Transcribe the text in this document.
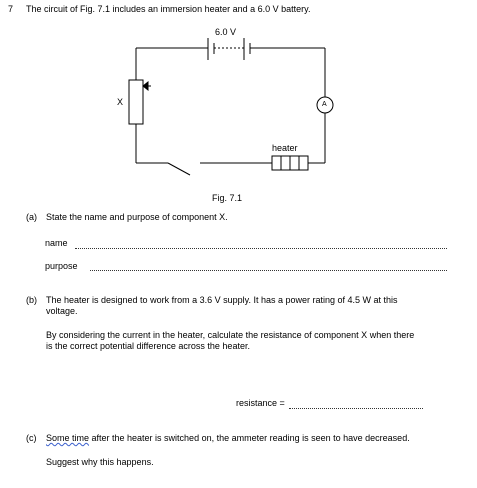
7 The circuit of Fig. 7.1 includes an immersion heater and a 6.0 V battery.
6.0 V
X	A
heater
Fig. 7.1
(a) State the name and purpose of component X.
name
purpose
(b) The heater is designed to work from a 3.6 V supply. It has a power rating of 4.5 W at this
voltage.
By considering the current in the heater, calculate the resistance of component X when there
is the correct potential difference across the heater.
resistance =
(c) Some time after the heater is switched on, the ammeter reading is seen to have decreased.
Suggest why this happens.
